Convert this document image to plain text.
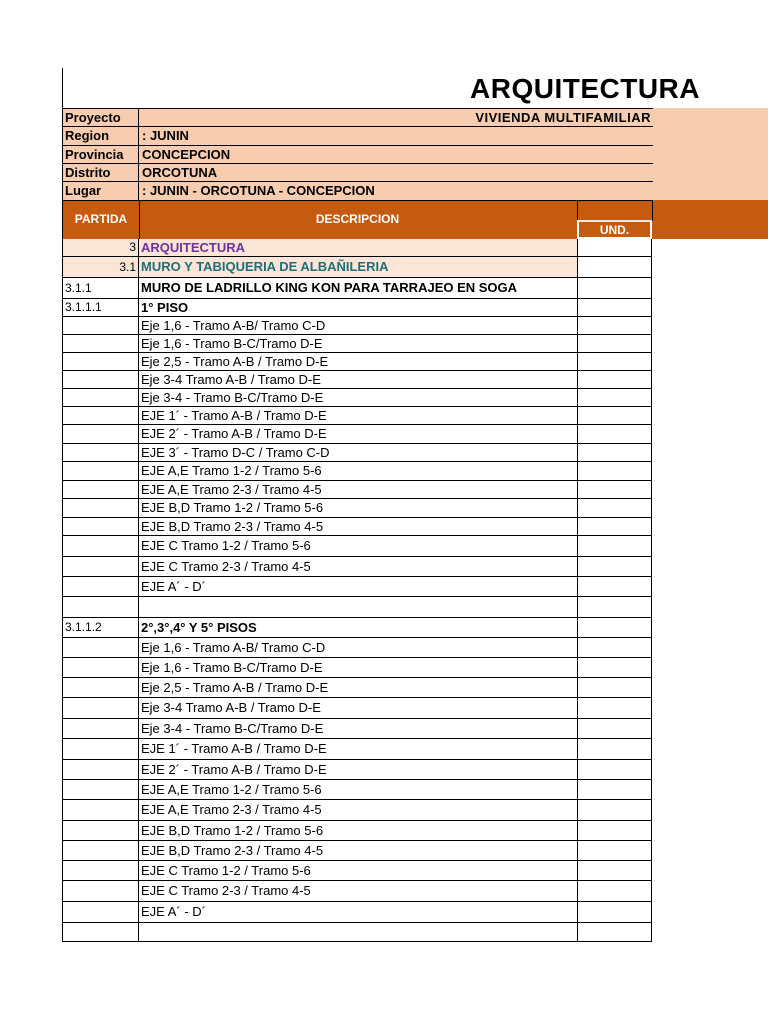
ARQUITECTURA
Proyecto	VIVIENDA MULTIFAMILIAR
Region	: JUNIN
Provincia	CONCEPCION
Distrito	ORCOTUNA
Lugar	: JUNIN - ORCOTUNA - CONCEPCION
PARTIDA	DESCRIPCION
UND.
3 ARQUITECTURA
3.1 MURO Y TABIQUERIA DE ALBAÑILERIA
3.1.1	MURO DE LADRILLO KING KON PARA TARRAJEO EN SOGA
3.1.1.1	1° PISO
Eje 1,6 - Tramo A-B/ Tramo C-D
Eje 1,6 - Tramo B-C/Tramo D-E
Eje 2,5 - Tramo A-B / Tramo D-E
Eje 3-4 Tramo A-B / Tramo D-E
Eje 3-4 - Tramo B-C/Tramo D-E
EJE 1´ - Tramo A-B / Tramo D-E
EJE 2´ - Tramo A-B / Tramo D-E
EJE 3´ - Tramo D-C / Tramo C-D
EJE A,E Tramo 1-2 / Tramo 5-6
EJE A,E Tramo 2-3 / Tramo 4-5
EJE B,D Tramo 1-2 / Tramo 5-6
EJE B,D Tramo 2-3 / Tramo 4-5
EJE C Tramo 1-2 / Tramo 5-6
EJE C Tramo 2-3 / Tramo 4-5
EJE A´ - D´
3.1.1.2	2°,3°,4° Y 5° PISOS
Eje 1,6 - Tramo A-B/ Tramo C-D
Eje 1,6 - Tramo B-C/Tramo D-E
Eje 2,5 - Tramo A-B / Tramo D-E
Eje 3-4 Tramo A-B / Tramo D-E
Eje 3-4 - Tramo B-C/Tramo D-E
EJE 1´ - Tramo A-B / Tramo D-E
EJE 2´ - Tramo A-B / Tramo D-E
EJE A,E Tramo 1-2 / Tramo 5-6
EJE A,E Tramo 2-3 / Tramo 4-5
EJE B,D Tramo 1-2 / Tramo 5-6
EJE B,D Tramo 2-3 / Tramo 4-5
EJE C Tramo 1-2 / Tramo 5-6
EJE C Tramo 2-3 / Tramo 4-5
EJE A´ - D´
